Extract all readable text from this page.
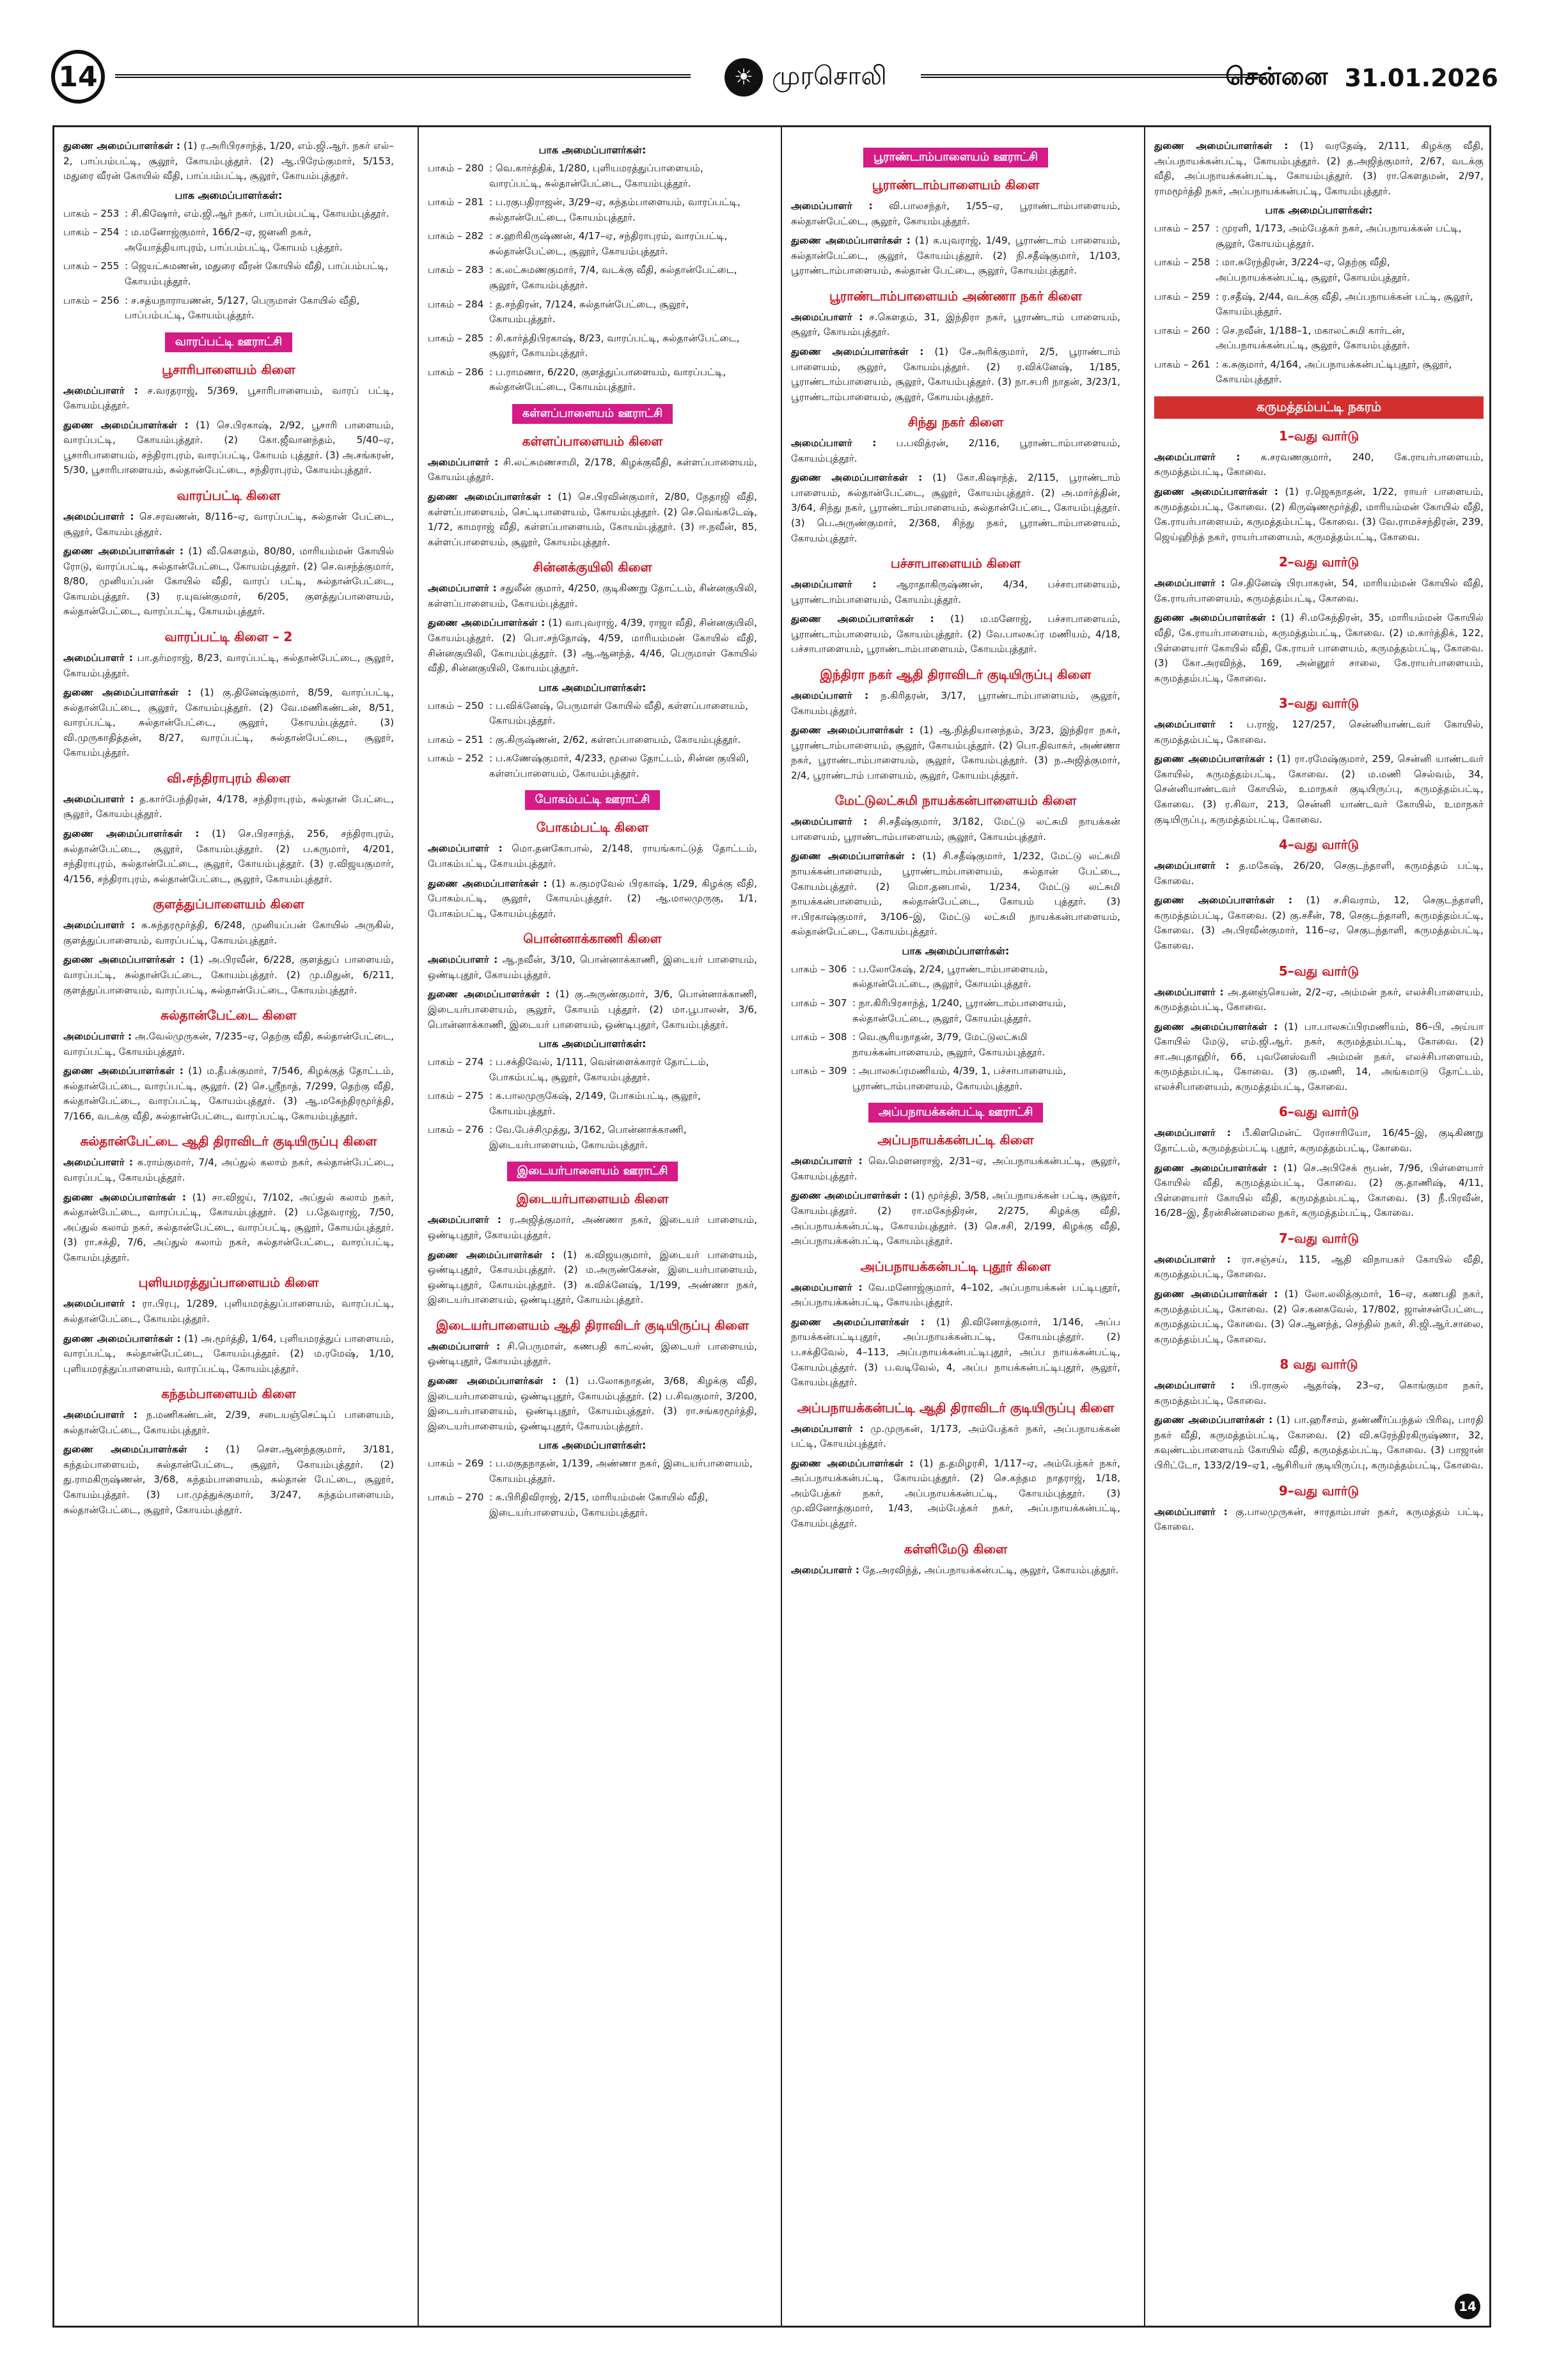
14	☀ முரசொலி	சென்னை 31.01.2026

துணை அமைப்பாளர்கள் : (1) ர.அரிபிரசாந்த், 1/20, எம்.ஜி.ஆர். நகர் எல்– 2, பாப்பம்பட்டி, சூலூர், கோயம்புத்தூர். (2) ஆ.பிரேம்குமார், 5/153, மதுரை வீரன் கோயில் வீதி, பாப்பம்பட்டி, சூலூர், கோயம்புத்தூர்.

பாக அமைப்பாளர்கள்:
பாகம் – 253 : சி.கிஷோர், எம்.ஜி.ஆர் நகர், பாப்பம்பட்டி, கோயம்புத்தூர்.
பாகம் – 254 : ம.மனோஜ்குமார், 166/2–ஏ, ஜனனி நகர், அயோத்தியாபுரம், பாப்பம்பட்டி, கோயம் புத்தூர்.
பாகம் – 255 : ஜெயட்சுமணன், மதுரை வீரன் கோயில் வீதி, பாப்பம்பட்டி, கோயம்புத்தூர்.
பாகம் – 256 : ச.சத்யநாராயணன், 5/127, பெருமாள் கோயில் வீதி, பாப்பம்பட்டி, கோயம்புத்தூர்.
வாரப்பட்டி ஊராட்சி
பூசாரிபாளையம் கிளை

அமைப்பாளர் : ச.வரதராஜ், 5/369, பூசாரிபாளையம், வாரப் பட்டி, கோயம்புத்தூர்.

துணை அமைப்பாளர்கள் : (1) செ.பிரகாஷ், 2/92, பூசாரி பாளையம், வாரப்பட்டி, கோயம்புத்தூர். (2) கோ.ஜீவானந்தம், 5/40–ஏ, பூசாரிபாளையம், சந்திராபுரம், வாரப்பட்டி, கோயம் புத்தூர். (3) அ.சங்கரன், 5/30, பூசாரிபாளையம், சுல்தான்பேட்டை, சந்திராபுரம், கோயம்புத்தூர்.

வாரப்பட்டி கிளை

அமைப்பாளர் : செ.சரவணன், 8/116–ஏ, வாரப்பட்டி, சுல்தான் பேட்டை, சூலூர், கோயம்புத்தூர்.

துணை அமைப்பாளர்கள் : (1) வீ.கௌதம், 80/80, மாரியம்மன் கோயில் ரோடு, வாரப்பட்டி, சுல்தான்பேட்டை, கோயம்புத்தூர். (2) செ.வசந்த்குமார், 8/80, முனியப்பன் கோயில் வீதி, வாரப் பட்டி, சுல்தான்பேட்டை, கோயம்புத்தூர். (3) ர.யுவன்குமார், 6/205, குளத்துப்பாளையம், சுல்தான்பேட்டை, வாரப்பட்டி, கோயம்புத்தூர்.

வாரப்பட்டி கிளை – 2

அமைப்பாளர் : பா.தர்மராஜ், 8/23, வாரப்பட்டி, சுல்தான்பேட்டை, சூலூர், கோயம்புத்தூர்.

துணை அமைப்பாளர்கள் : (1) கு.தினேஷ்குமார், 8/59, வாரப்பட்டி, சுல்தான்பேட்டை, சூலூர், கோயம்புத்தூர். (2) வே.மணிகண்டன், 8/51, வாரப்பட்டி, சுல்தான்பேட்டை, சூலூர், கோயம்புத்தூர். (3) வி.முருகாதித்தன், 8/27, வாரப்பட்டி, சுல்தான்பேட்டை, சூலூர், கோயம்புத்தூர்.

வி.சந்திராபுரம் கிளை

அமைப்பாளர் : த.கார்பேந்திரன், 4/178, சந்திராபுரம், சுல்தான் பேட்டை, சூலூர், கோயம்புத்தூர்.

துணை அமைப்பாளர்கள் : (1) செ.பிரசாந்த், 256, சந்திராபுரம், சுல்தான்பேட்டை, சூலூர், கோயம்புத்தூர். (2) ப.கருமார், 4/201, சந்திராபுரம், சுல்தான்பேட்டை, சூலூர், கோயம்புத்தூர். (3) ர.விஜயகுமார், 4/156, சந்திராபுரம், சுல்தான்பேட்டை, சூலூர், கோயம்புத்தூர்.

குளத்துப்பாளையம் கிளை

அமைப்பாளர் : சு.சுந்தரமூர்த்தி, 6/248, முனியப்பன் கோயில் அருகில், குளத்துப்பாளையம், வாரப்பட்டி, கோயம்புத்தூர்.

துணை அமைப்பாளர்கள் : (1) அ.பிரவீன், 6/228, குளத்துப் பாளையம், வாரப்பட்டி, சுல்தான்பேட்டை, கோயம்புத்தூர். (2) மு.மிதுன், 6/211, குளத்துப்பாளையம், வாரப்பட்டி, சுல்தான்பேட்டை, கோயம்புத்தூர்.

சுல்தான்பேட்டை கிளை

அமைப்பாளர் : அ.வேல்முருகன், 7/235–ஏ, தெற்கு வீதி, சுல்தான்பேட்டை, வாரப்பட்டி, கோயம்புத்தூர்.

துணை அமைப்பாளர்கள் : (1) ம.தீபக்குமார், 7/546, கிழக்குத் தோட்டம், சுல்தான்பேட்டை, வாரப்பட்டி, சூலூர். (2) செ.ஸ்ரீநாத், 7/299, தெற்கு வீதி, சுல்தான்பேட்டை, வாரப்பட்டி, கோயம்புத்தூர். (3) ஆ.மகேந்திரமூர்த்தி, 7/166, வடக்கு வீதி, சுல்தான்பேட்டை, வாரப்பட்டி, கோயம்புத்தூர்.

சுல்தான்பேட்டை ஆதி திராவிடர் குடியிருப்பு கிளை

அமைப்பாளர் : க.ராம்குமார், 7/4, அப்துல் கலாம் நகர், சுல்தான்பேட்டை, வாரப்பட்டி, கோயம்புத்தூர்.

துணை அமைப்பாளர்கள் : (1) சா.விஜய், 7/102, அப்துல் கலாம் நகர், சுல்தான்பேட்டை, வாரப்பட்டி, கோயம்புத்தூர். (2) ப.தேவராஜ், 7/50, அப்துல் கலாம் நகர், சுல்தான்பேட்டை, வாரப்பட்டி, சூலூர், கோயம்புத்தூர். (3) ரா.சக்தி, 7/6, அப்துல் கலாம் நகர், சுல்தான்பேட்டை, வாரப்பட்டி, கோயம்புத்தூர்.

புளியமரத்துப்பாளையம் கிளை

அமைப்பாளர் : ரா.பிரபு, 1/289, புளியமரத்துப்பாளையம், வாரப்பட்டி, சுல்தான்பேட்டை, கோயம்புத்தூர்.

துணை அமைப்பாளர்கள் : (1) அ.மூர்த்தி, 1/64, புளியமரத்துப் பாளையம், வாரப்பட்டி, சுல்தான்பேட்டை, கோயம்புத்தூர். (2) ம.ரமேஷ், 1/10, புளியமரத்துப்பாளையம், வாரப்பட்டி, கோயம்புத்தூர்.

கந்தம்பாளையம் கிளை

அமைப்பாளர் : ந.மணிகண்டன், 2/39, சடையஞ்செட்டிப் பாளையம், சுல்தான்பேட்டை, கோயம்புத்தூர்.

துணை அமைப்பாளர்கள் : (1) சௌ.ஆனந்தகுமார், 3/181, கந்தம்பாளையம், சுல்தான்பேட்டை, சூலூர், கோயம்புத்தூர். (2) து.ராமகிருஷ்ணன், 3/68, கந்தம்பாளையம், சுல்தான் பேட்டை, சூலூர், கோயம்புத்தூர். (3) பா.முத்துக்குமார், 3/247, கந்தம்பாளையம், சுல்தான்பேட்டை, சூலூர், கோயம்புத்தூர்.

பாக அமைப்பாளர்கள்:
பாகம் – 280 : வெ.கார்த்திக், 1/280, புளியமரத்துப்பாளையம், வாரப்பட்டி, சுல்தான்பேட்டை, கோயம்புத்தூர்.
பாகம் – 281 : ப.ரகுபதிராஜன், 3/29–ஏ, கந்தம்பாளையம், வாரப்பட்டி, சுல்தான்பேட்டை, கோயம்புத்தூர்.
பாகம் – 282 : ச.ஹரிகிருஷ்ணன், 4/17–ஏ, சந்திராபுரம், வாரப்பட்டி, சுல்தான்பேட்டை, சூலூர், கோயம்புத்தூர்.
பாகம் – 283 : க.லட்சுமணகுமார், 7/4, வடக்கு வீதி, சுல்தான்பேட்டை, சூலூர், கோயம்புத்தூர்.
பாகம் – 284 : த.சந்திரன், 7/124, சுல்தான்பேட்டை, சூலூர், கோயம்புத்தூர்.
பாகம் – 285 : சி.கார்த்திபிரகாஷ், 8/23, வாரப்பட்டி, சுல்தான்பேட்டை, சூலூர், கோயம்புத்தூர்.
பாகம் – 286 : ப.ராமணா, 6/220, குளத்துப்பாளையம், வாரப்பட்டி, சுல்தான்பேட்டை, கோயம்புத்தூர்.
கள்ளப்பாளையம் ஊராட்சி
கள்ளப்பாளையம் கிளை

அமைப்பாளர் : சி.லட்சுமணசாமி, 2/178, கிழக்குவீதி, கள்ளப்பாளையம், கோயம்புத்தூர்.

துணை அமைப்பாளர்கள் : (1) செ.பிரவின்குமார், 2/80, நேதாஜி வீதி, கள்ளப்பாளையம், செட்டிபாளையம், கோயம்புத்தூர். (2) செ.வெங்கடேஷ், 1/72, காமராஜ் வீதி, கள்ளப்பாளையம், கோயம்புத்தூர். (3) ஈ.நவீன், 85, கள்ளப்பாளையம், சூலூர், கோயம்புத்தூர்.

சின்னக்குயிலி கிளை

அமைப்பாளர் : சதுலீன் குமார், 4/250, குடிகிணறு தோட்டம், சின்னகுயிலி, கள்ளப்பாளையம், கோயம்புத்தூர்.

துணை அமைப்பாளர்கள் : (1) வாபுவராஜ், 4/39, ராஜா வீதி, சின்னகுயிலி, கோயம்புத்தூர். (2) பொ.சந்தோஷ், 4/59, மாரியம்மன் கோயில் வீதி, சின்னகுயிலி, கோயம்புத்தூர். (3) ஆ.ஆனந்த், 4/46, பெருமாள் கோயில் வீதி, சின்னகுயிலி, கோயம்புத்தூர்.

பாக அமைப்பாளர்கள்:
பாகம் – 250 : ப.விக்னேஷ், பெருமாள் கோயில் வீதி, கள்ளப்பாளையம், கோயம்புத்தூர்.
பாகம் – 251 : கு.கிருஷ்ணன், 2/62, கள்ளப்பாளையம், கோயம்புத்தூர்.
பாகம் – 252 : ப.கணேஷ்குமார், 4/233, மூலை தோட்டம், சின்ன குயிலி, கள்ளப்பாளையம், கோயம்புத்தூர்.
போகம்பட்டி ஊராட்சி
போகம்பட்டி கிளை

அமைப்பாளர் : மொ.தனகோபால், 2/148, ராயங்காட்டுத் தோட்டம், போகம்பட்டி, கோயம்புத்தூர்.

துணை அமைப்பாளர்கள் : (1) க.குமரவேல் பிரகாஷ், 1/29, கிழக்கு வீதி, போகம்பட்டி, சூலூர், கோயம்புத்தூர். (2) ஆ.மாலமுருகு, 1/1, போகம்பட்டி, கோயம்புத்தூர்.

பொன்னாக்காணி கிளை

அமைப்பாளர் : ஆ.நவீன், 3/10, பொன்னாக்காணி, இடையர் பாளையம், ஒண்டிபுதூர், கோயம்புத்தூர்.

துணை அமைப்பாளர்கள் : (1) கு.அருண்குமார், 3/6, பொன்னாக்காணி, இடையர்பாளையம், சூலூர், கோயம் புத்தூர். (2) மா.பூபாலன், 3/6, பொன்னாக்காணி, இடையர் பாளையம், ஒண்டிபுதூர், கோயம்புத்தூர்.

பாக அமைப்பாளர்கள்:
பாகம் – 274 : ப.சக்திவேல், 1/111, வெள்ளைக்காரர் தோட்டம், போகம்பட்டி, சூலூர், கோயம்புத்தூர்.
பாகம் – 275 : க.பாலமுருகேஷ், 2/149, போகம்பட்டி, சூலூர், கோயம்புத்தூர்.
பாகம் – 276 : வே.பேச்சிமுத்து, 3/162, பொன்னாக்காணி, இடையர்பாளையம், கோயம்புத்தூர்.
இடையர்பாளையம் ஊராட்சி
இடையர்பாளையம் கிளை

அமைப்பாளர் : ர.அஜித்குமார், அண்ணா நகர், இடையர் பாளையம், ஒண்டிபுதூர், கோயம்புத்தூர்.

துணை அமைப்பாளர்கள் : (1) க.விஜயகுமார், இடையர் பாளையம், ஒண்டிபுதூர், கோயம்புத்தூர். (2) ம.அருண்கேசன், இடையர்பாளையம், ஒண்டிபுதூர், கோயம்புத்தூர். (3) க.விக்னேஷ், 1/199, அண்ணா நகர், இடையர்பாளையம், ஒண்டிபுதூர், கோயம்புத்தூர்.

இடையர்பாளையம் ஆதி திராவிடர் குடியிருப்பு கிளை

அமைப்பாளர் : சி.பெருமாள், கணபதி காட்லன், இடையர் பாளையம், ஒண்டிபுதூர், கோயம்புத்தூர்.

துணை அமைப்பாளர்கள் : (1) ப.லோகநாதன், 3/68, கிழக்கு வீதி, இடையர்பாளையம், ஒண்டிபுதூர், கோயம்புத்தூர். (2) ப.சிவகுமார், 3/200, இடையர்பாளையம், ஒண்டிபுதூர், கோயம்புத்தூர். (3) ரா.சங்கரமூர்த்தி, இடையர்பாளையம், ஒண்டிபுதூர், கோயம்புத்தூர்.

பாக அமைப்பாளர்கள்:
பாகம் – 269 : ப.மகுதநாதன், 1/139, அண்ணா நகர், இடையர்பாளையம், கோயம்புத்தூர்.
பாகம் – 270 : க.பிரிதிவிராஜ், 2/15, மாரியம்மன் கோயில் வீதி, இடையர்பாளையம், கோயம்புத்தூர்.
பூராண்டாம்பாளையம் ஊராட்சி
பூராண்டாம்பாளையம் கிளை

அமைப்பாளர் : வி.பாலசந்தர், 1/55–ஏ, பூராண்டாம்பாளையம், சுல்தான்பேட்டை, சூலூர், கோயம்புத்தூர்.

துணை அமைப்பாளர்கள் : (1) க.யுவராஜ், 1/49, பூராண்டாம் பாளையம், சுல்தான்பேட்டை, சூலூர், கோயம்புத்தூர். (2) நி.சதீஷ்குமார், 1/103, பூராண்டாம்பாளையம், சுல்தான் பேட்டை, சூலூர், கோயம்புத்தூர்.

பூராண்டாம்பாளையம் அண்ணா நகர் கிளை

அமைப்பாளர் : ச.கௌதம், 31, இந்திரா நகர், பூராண்டாம் பாளையம், சூலூர், கோயம்புத்தூர்.

துணை அமைப்பாளர்கள் : (1) சே.அரிக்குமார், 2/5, பூராண்டாம் பாளையம், சூலூர், கோயம்புத்தூர். (2) ர.விக்னேஷ், 1/185, பூராண்டாம்பாளையம், சூலூர், கோயம்புத்தூர். (3) நா.சபரி நாதன், 3/23/1, பூராண்டாம்பாளையம், சூலூர், கோயம்புத்தூர்.

சிந்து நகர் கிளை

அமைப்பாளர் : ப.பவித்ரன், 2/116, பூராண்டாம்பாளையம், கோயம்புத்தூர்.

துணை அமைப்பாளர்கள் : (1) கோ.கிஷாந்த், 2/115, பூராண்டாம் பாளையம், சுல்தான்பேட்டை, சூலூர், கோயம்புத்தூர். (2) அ.மார்த்தின், 3/64, சிந்து நகர், பூராண்டாம்பாளையம், சுல்தான்பேட்டை, கோயம்புத்தூர். (3) பெ.அருண்குமார், 2/368, சிந்து நகர், பூராண்டாம்பாளையம், கோயம்புத்தூர்.

பச்சாபாளையம் கிளை

அமைப்பாளர் : ஆராதாகிருஷ்ணன், 4/34, பச்சாபாளையம், பூராண்டாம்பாளையம், கோயம்புத்தூர்.

துணை அமைப்பாளர்கள் : (1) ம.மனோஜ், பச்சாபாளையம், பூராண்டாம்பாளையம், கோயம்புத்தூர். (2) வே.பாலசுப்ர மணியம், 4/18, பச்சாபாளையம், பூராண்டாம்பாளையம், கோயம்புத்தூர்.

இந்திரா நகர் ஆதி திராவிடர் குடியிருப்பு கிளை

அமைப்பாளர் : ந.கிரிதரன், 3/17, பூராண்டாம்பாளையம், சூலூர், கோயம்புத்தூர்.

துணை அமைப்பாளர்கள் : (1) ஆ.நித்தியானந்தம், 3/23, இந்திரா நகர், பூராண்டாம்பாளையம், சூலூர், கோயம்புத்தூர். (2) பொ.திவாகர், அண்ணா நகர், பூராண்டாம்பாளையம், சூலூர், கோயம்புத்தூர். (3) ந.அஜித்குமார், 2/4, பூராண்டாம் பாளையம், சூலூர், கோயம்புத்தூர்.

மேட்டுலட்சுமி நாயக்கன்பாளையம் கிளை

அமைப்பாளர் : சி.சதீஷ்குமார், 3/182, மேட்டு லட்சுமி நாயக்கன் பாளையம், பூராண்டாம்பாளையம், சூலூர், கோயம்புத்தூர்.

துணை அமைப்பாளர்கள் : (1) சி.சதீஷ்குமார், 1/232, மேட்டு லட்சுமி நாயக்கன்பாளையம், பூராண்டாம்பாளையம், சுல்தான் பேட்டை, கோயம்புத்தூர். (2) மொ.தனபால், 1/234, மேட்டு லட்சுமி நாயக்கன்பாளையம், சுல்தான்பேட்டை, கோயம் புத்தூர். (3) ஈ.பிரகாஷ்குமார், 3/106–இ, மேட்டு லட்சுமி நாயக்கன்பாளையம், சுல்தான்பேட்டை, கோயம்புத்தூர்.

பாக அமைப்பாளர்கள்:
பாகம் – 306 : ப.லோகேஷ், 2/24, பூராண்டாம்பாளையம், சுல்தான்பேட்டை, சூலூர், கோயம்புத்தூர்.
பாகம் – 307 : நா.கிரிபிரசாந்த், 1/240, பூராண்டாம்பாளையம், சுல்தான்பேட்டை, சூலூர், கோயம்புத்தூர்.
பாகம் – 308 : வெ.சூரியநாதன், 3/79, மேட்டுலட்சுமி நாயக்கன்பாளையம், சூலூர், கோயம்புத்தூர்.
பாகம் – 309 : அபாலசுப்ரமணியம், 4/39, 1, பச்சாபாளையம், பூராண்டாம்பாளையம், கோயம்புத்தூர்.
அப்பநாயக்கன்பட்டி ஊராட்சி
அப்பநாயக்கன்பட்டி கிளை

அமைப்பாளர் : வெ.மௌனராஜ், 2/31–ஏ, அப்பநாயக்கன்பட்டி, சூலூர், கோயம்புத்தூர்.

துணை அமைப்பாளர்கள் : (1) மூர்த்தி, 3/58, அப்பநாயக்கன் பட்டி, சூலூர், கோயம்புத்தூர். (2) ரா.மகேந்திரன், 2/275, கிழக்கு வீதி, அப்பநாயக்கன்பட்டி, கோயம்புத்தூர். (3) செ.சசி, 2/199, கிழக்கு வீதி, அப்பநாயக்கன்பட்டி, கோயம்புத்தூர்.

அப்பநாயக்கன்பட்டி புதூர் கிளை

அமைப்பாளர் : வே.மனோஜ்குமார், 4–102, அப்பநாயக்கன் பட்டிபுதூர், அப்பநாயக்கன்பட்டி, கோயம்புத்தூர்.

துணை அமைப்பாளர்கள் : (1) தி.வினோத்குமார், 1/146, அப்ப நாயக்கன்பட்டிபுதூர், அப்பநாயக்கன்பட்டி, கோயம்புத்தூர். (2) ப.சக்திவேல், 4–113, அப்பநாயக்கன்பட்டிபுதூர், அப்ப நாயக்கன்பட்டி, கோயம்புத்தூர். (3) ப.வடிவேல், 4, அப்ப நாயக்கன்பட்டிபுதூர், சூலூர், கோயம்புத்தூர்.

அப்பநாயக்கன்பட்டி ஆதி திராவிடர் குடியிருப்பு கிளை

அமைப்பாளர் : மு.முருகன், 1/173, அம்பேத்கர் நகர், அப்பநாயக்கன் பட்டி, கோயம்புத்தூர்.

துணை அமைப்பாளர்கள் : (1) த.தமிழரசி, 1/117–ஏ, அம்பேத்கர் நகர், அப்பநாயக்கன்பட்டி, கோயம்புத்தூர். (2) செ.கந்தம நாதராஜ், 1/18, அம்பேத்கர் நகர், அப்பநாயக்கன்பட்டி, கோயம்புத்தூர். (3) மு.வினோத்குமார், 1/43, அம்பேத்கர் நகர், அப்பநாயக்கன்பட்டி, கோயம்புத்தூர்.

கள்ளிமேடு கிளை

அமைப்பாளர் : தே.அரவிந்த், அப்பநாயக்கன்பட்டி, சூலூர், கோயம்புத்தூர்.

துணை அமைப்பாளர்கள் : (1) வரதேஷ், 2/111, கிழக்கு வீதி, அப்பநாயக்கன்பட்டி, கோயம்புத்தூர். (2) த.அஜித்குமார், 2/67, வடக்கு வீதி, அப்பநாயக்கன்பட்டி, கோயம்புத்தூர். (3) ரா.கௌதமன், 2/97, ராமமூர்த்தி நகர், அப்பநாயக்கன்பட்டி, கோயம்புத்தூர்.

பாக அமைப்பாளர்கள்:
பாகம் – 257 : முரளி, 1/173, அம்பேத்கர் நகர், அப்பநாயக்கன் பட்டி, சூலூர், கோயம்புத்தூர்.
பாகம் – 258 : மா.சுரேந்திரன், 3/224–ஏ, தெற்கு வீதி, அப்பநாயக்கன்பட்டி, சூலூர், கோயம்புத்தூர்.
பாகம் – 259 : ர.சதீஷ், 2/44, வடக்கு வீதி, அப்பநாயக்கன் பட்டி, சூலூர், கோயம்புத்தூர்.
பாகம் – 260 : செ.நவீன், 1/188–1, மகாலட்சுமி கார்டன், அப்பநாயக்கன்பட்டி, சூலூர், கோயம்புத்தூர்.
பாகம் – 261 : க.சுகுமார், 4/164, அப்பநாயக்கன்பட்டிபுதூர், சூலூர், கோயம்புத்தூர்.
கருமத்தம்பட்டி நகரம்
1–வது வார்டு

அமைப்பாளர் : க.சரவணகுமார், 240, கே.ராயர்பாளையம், கருமத்தம்பட்டி, கோவை.

துணை அமைப்பாளர்கள் : (1) ர.ஜெகநாதன், 1/22, ராயர் பாளையம், கருமத்தம்பட்டி, கோவை. (2) கிருஷ்ணமூர்த்தி, மாரியம்மன் கோயில் வீதி, கே.ராயர்பாளையம், கருமத்தம்பட்டி, கோவை. (3) வே.ராமச்சந்திரன், 239, ஜெய்ஹிந்த் நகர், ராயர்பாளையம், கருமத்தம்பட்டி, கோவை.

2–வது வார்டு

அமைப்பாளர் : செ.தினேஷ் பிரபாகரன், 54, மாரியம்மன் கோயில் வீதி, கே.ராயர்பாளையம், கருமத்தம்பட்டி, கோவை.

துணை அமைப்பாளர்கள் : (1) சி.மகேந்திரன், 35, மாரியம்மன் கோயில் வீதி, கே.ராயர்பாளையம், கருமத்தம்பட்டி, கோவை. (2) ம.கார்த்திக், 122, பிள்ளையார் கோயில் வீதி, கே.ராயர் பாளையம், கருமத்தம்பட்டி, கோவை. (3) கோ.அரவிந்த், 169, அன்னூர் சாலை, கே.ராயர்பாளையம், கருமத்தம்பட்டி, கோவை.

3–வது வார்டு

அமைப்பாளர் : ப.ராஜ், 127/257, சென்னியாண்டவர் கோயில், கருமத்தம்பட்டி, கோவை.

துணை அமைப்பாளர்கள் : (1) ரா.ரமேஷ்குமார், 259, சென்னி யாண்டவர் கோயில், கருமத்தம்பட்டி, கோவை. (2) ம.மணி செல்வம், 34, சென்னியாண்டவர் கோயில், உமாநகர் குடியிருப்பு, கருமத்தம்பட்டி, கோவை. (3) ர.சிவா, 213, சென்னி யாண்டவர் கோயில், உமாநகர் குடியிருப்பு, கருமத்தம்பட்டி, கோவை.

4–வது வார்டு

அமைப்பாளர் : த.மகேஷ், 26/20, செகுடந்தாளி, கருமத்தம் பட்டி, கோவை.

துணை அமைப்பாளர்கள் : (1) ச.சிவராம், 12, செகுடந்தாளி, கருமத்தம்பட்டி, கோவை. (2) கு.சசீன், 78, செகுடந்தாளி, கருமத்தம்பட்டி, கோவை. (3) அ.பிரவீன்குமார், 116–ஏ, செகுடந்தாளி, கருமத்தம்பட்டி, கோவை.

5–வது வார்டு

அமைப்பாளர் : அ.தனஞ்செயன், 2/2–ஏ, அம்மன் நகர், எலச்சிபாளையம், கருமத்தம்பட்டி, கோவை.

துணை அமைப்பாளர்கள் : (1) பா.பாலசுப்பிரமணியம், 86–பி, அய்யா கோயில் மேடு, எம்.ஜி.ஆர். நகர், கருமத்தம்பட்டி, கோவை. (2) சா.அபுதாஹிர், 66, புவனேஸ்வரி அம்மன் நகர், எலச்சிபாளையம், கருமத்தம்பட்டி, கோவை. (3) கு.மணி, 14, அங்கமாடு தோட்டம், எலச்சிபாளையம், கருமத்தம்பட்டி, கோவை.

6–வது வார்டு

அமைப்பாளர் : பீ.கிளமென்ட் ரோசாரியோ, 16/45–இ, குடிகிணறு தோட்டம், கருமத்தம்பட்டி புதூர், கருமத்தம்பட்டி, கோவை.

துணை அமைப்பாளர்கள் : (1) செ.அபிசேக் ரூபன், 7/96, பிள்ளையார் கோயில் வீதி, கருமத்தம்பட்டி, கோவை. (2) கு.தாணிஷ், 4/11, பிள்ளையார் கோயில் வீதி, கருமத்தம்பட்டி, கோவை. (3) நீ.பிரவீன், 16/28–இ, தீரன்சின்னமலை நகர், கருமத்தம்பட்டி, கோவை.

7–வது வார்டு

அமைப்பாளர் : ரா.சஞ்சய், 115, ஆதி விநாயகர் கோயில் வீதி, கருமத்தம்பட்டி, கோவை.

துணை அமைப்பாளர்கள் : (1) லோ.லலித்குமார், 16–ஏ, கணபதி நகர், கருமத்தம்பட்டி, கோவை. (2) செ.கனகவேல், 17/802, ஜான்சன்பேட்டை, கருமத்தம்பட்டி, கோவை. (3) செ.ஆனந்த், செந்தில் நகர், சி.ஜி.ஆர்.சாலை, கருமத்தம்பட்டி, கோவை.

8 வது வார்டு

அமைப்பாளர் : பி.ராகுல் ஆதர்ஷ், 23–ஏ, கொங்குமா நகர், கருமத்தம்பட்டி, கோவை.

துணை அமைப்பாளர்கள் : (1) பா.ஹரீசாம், தண்ணீர்ப்பந்தல் பிரிவு, பாரதி நகர் வீதி, கருமத்தம்பட்டி, கோவை. (2) வி.சுரேந்திரகிருஷ்ணா, 32, கவுண்டம்பாளையம் கோயில் வீதி, கருமத்தம்பட்டி, கோவை. (3) பாஜான் பிரிட்டோ, 133/2/19–ஏ1, ஆசிரியர் குடியிருப்பு, கருமத்தம்பட்டி, கோவை.

9–வது வார்டு

அமைப்பாளர் : கு.பாலமுருகன், சாரதாம்பாள் நகர், கருமத்தம் பட்டி, கோவை.

14
